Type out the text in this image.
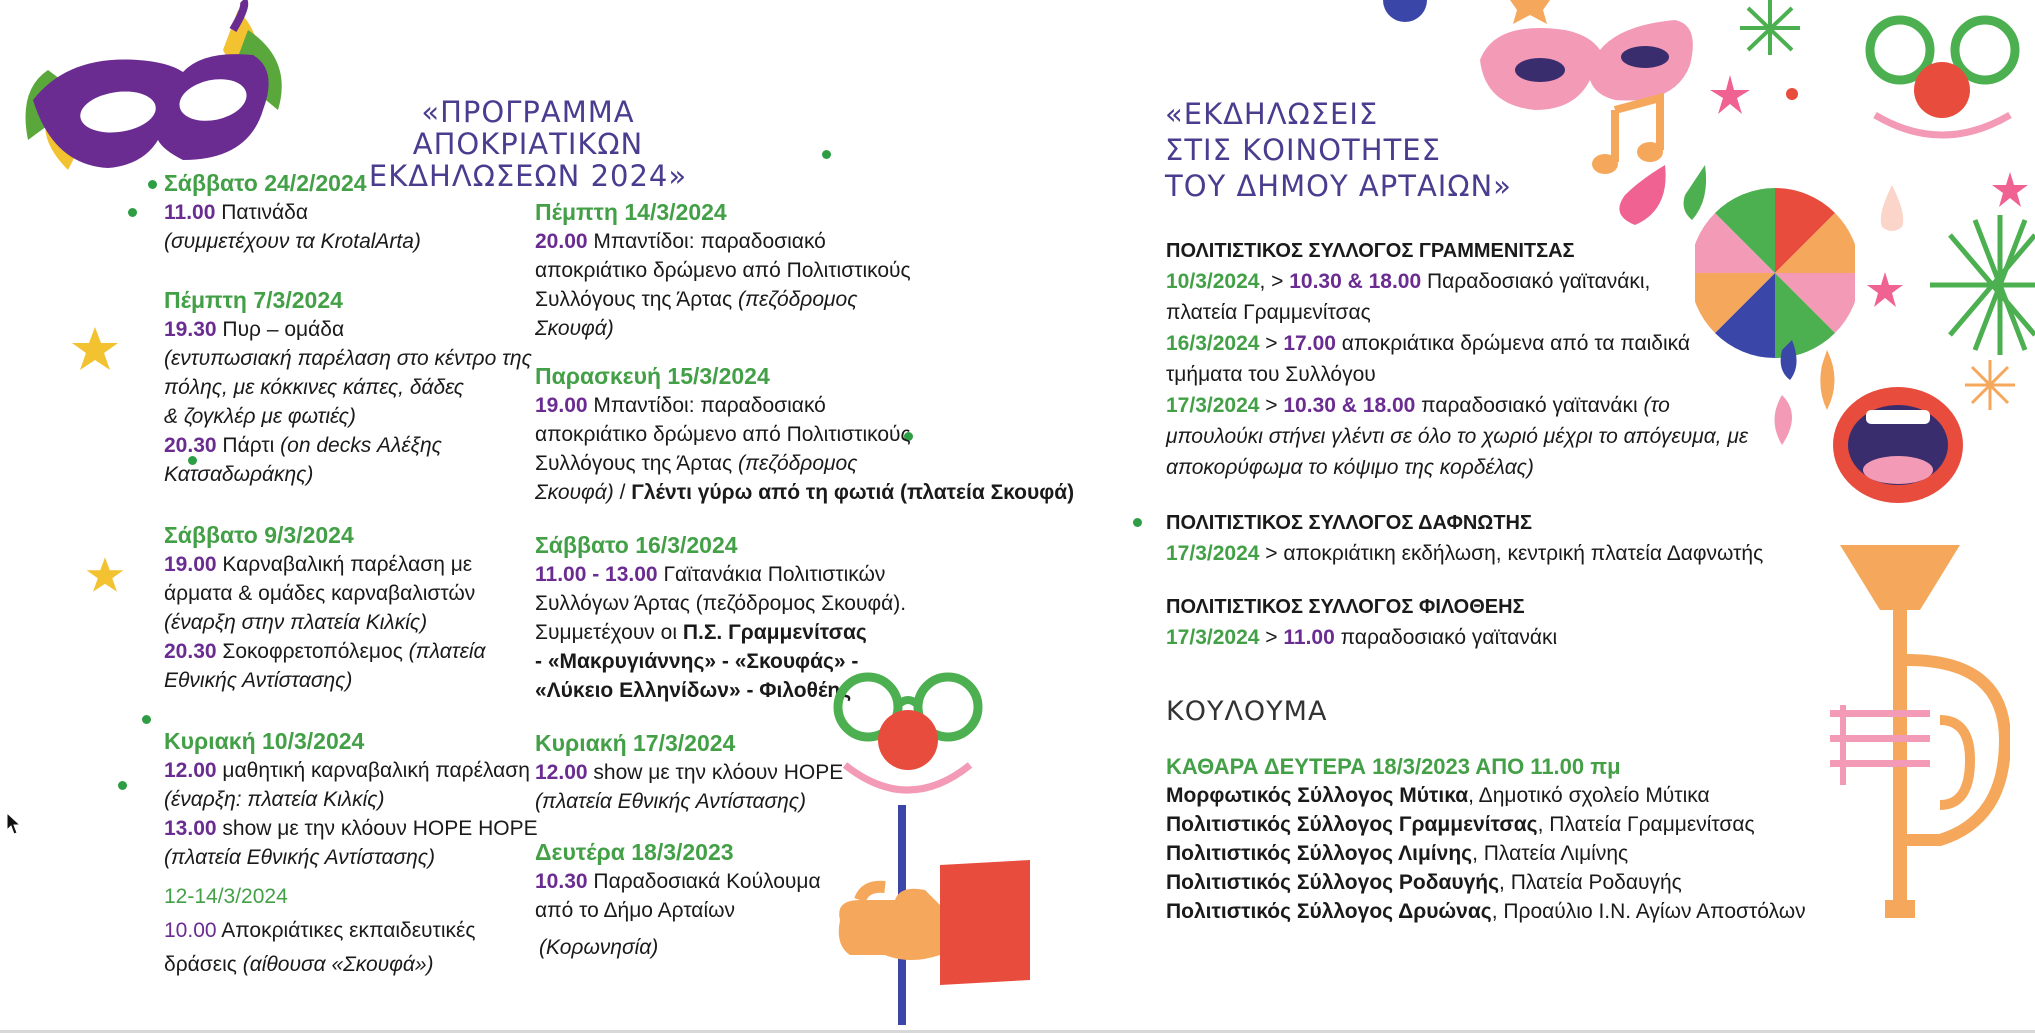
«ΠΡΟΓΡΑΜΜΑ ΑΠΟΚΡΙΑΤΙΚΩΝ
ΕΚΔΗΛΩΣΕΩΝ 2024»
«ΕΚΔΗΛΩΣΕΙΣ
ΣΤΙΣ ΚΟΙΝΟΤΗΤΕΣ
ΤΟΥ ΔΗΜΟΥ ΑΡΤΑΙΩΝ»
Σάββατο 24/2/2024
11.00 Πατινάδα
(συμμετέχουν τα KrotalArta)
Πέμπτη 7/3/2024
19.30 Πυρ – ομάδα
(εντυπωσιακή παρέλαση στο κέντρο της
πόλης, με κόκκινες κάπες, δάδες
& ζογκλέρ με φωτιές)
20.30 Πάρτι (on decks Αλέξης
Κατσαδωράκης)
Σάββατο 9/3/2024
19.00 Καρναβαλική παρέλαση με
άρματα & ομάδες καρναβαλιστών
(έναρξη στην πλατεία Κιλκίς)
20.30 Σοκοφρετοπόλεμος (πλατεία
Εθνικής Αντίστασης)
Κυριακή 10/3/2024
12.00 μαθητική καρναβαλική παρέλαση
(έναρξη: πλατεία Κιλκίς)
13.00 show με την κλόουν HOPE HOPE
(πλατεία Εθνικής Αντίστασης)
12-14/3/2024
10.00 Αποκριάτικες εκπαιδευτικές
δράσεις (αίθουσα «Σκουφά»)
Πέμπτη 14/3/2024
20.00 Μπαντίδοι: παραδοσιακό
αποκριάτικο δρώμενο από Πολιτιστικούς
Συλλόγους της Άρτας (πεζόδρομος
Σκουφά)
Παρασκευή 15/3/2024
19.00 Μπαντίδοι: παραδοσιακό
αποκριάτικο δρώμενο από Πολιτιστικούς
Συλλόγους της Άρτας (πεζόδρομος
Σκουφά) / Γλέντι γύρω από τη φωτιά (πλατεία Σκουφά)
Σάββατο 16/3/2024
11.00 - 13.00 Γαϊτανάκια Πολιτιστικών
Συλλόγων Άρτας (πεζόδρομος Σκουφά).
Συμμετέχουν οι Π.Σ. Γραμμενίτσας
- «Μακρυγιάννης» - «Σκουφάς» -
«Λύκειο Ελληνίδων» - Φιλοθέης
Κυριακή 17/3/2024
12.00 show με την κλόουν HOPE
(πλατεία Εθνικής Αντίστασης)
Δευτέρα 18/3/2023
10.30 Παραδοσιακά Κούλουμα
από το Δήμο Αρταίων
(Κορωνησία)
ΠΟΛΙΤΙΣΤΙΚΟΣ ΣΥΛΛΟΓΟΣ ΓΡΑΜΜΕΝΙΤΣΑΣ
10/3/2024, > 10.30 & 18.00 Παραδοσιακό γαϊτανάκι,
πλατεία Γραμμενίτσας
16/3/2024 > 17.00 αποκριάτικα δρώμενα από τα παιδικά
τμήματα του Συλλόγου
17/3/2024 > 10.30 & 18.00 παραδοσιακό γαϊτανάκι (το
μπουλούκι στήνει γλέντι σε όλο το χωριό μέχρι το απόγευμα, με
αποκορύφωμα το κόψιμο της κορδέλας)
ΠΟΛΙΤΙΣΤΙΚΟΣ ΣΥΛΛΟΓΟΣ ΔΑΦΝΩΤΗΣ
17/3/2024 > αποκριάτικη εκδήλωση, κεντρική πλατεία Δαφνωτής
ΠΟΛΙΤΙΣΤΙΚΟΣ ΣΥΛΛΟΓΟΣ ΦΙΛΟΘΕΗΣ
17/3/2024 > 11.00 παραδοσιακό γαϊτανάκι
ΚΟΥΛΟΥΜΑ
ΚΑΘΑΡΑ ΔΕΥΤΕΡΑ 18/3/2023 ΑΠΟ 11.00 πμ
Μορφωτικός Σύλλογος Μύτικα, Δημοτικό σχολείο Μύτικα
Πολιτιστικός Σύλλογος Γραμμενίτσας, Πλατεία Γραμμενίτσας
Πολιτιστικός Σύλλογος Λιμίνης, Πλατεία Λιμίνης
Πολιτιστικός Σύλλογος Ροδαυγής, Πλατεία Ροδαυγής
Πολιτιστικός Σύλλογος Δρυώνας, Προαύλιο Ι.Ν. Αγίων Αποστόλων
